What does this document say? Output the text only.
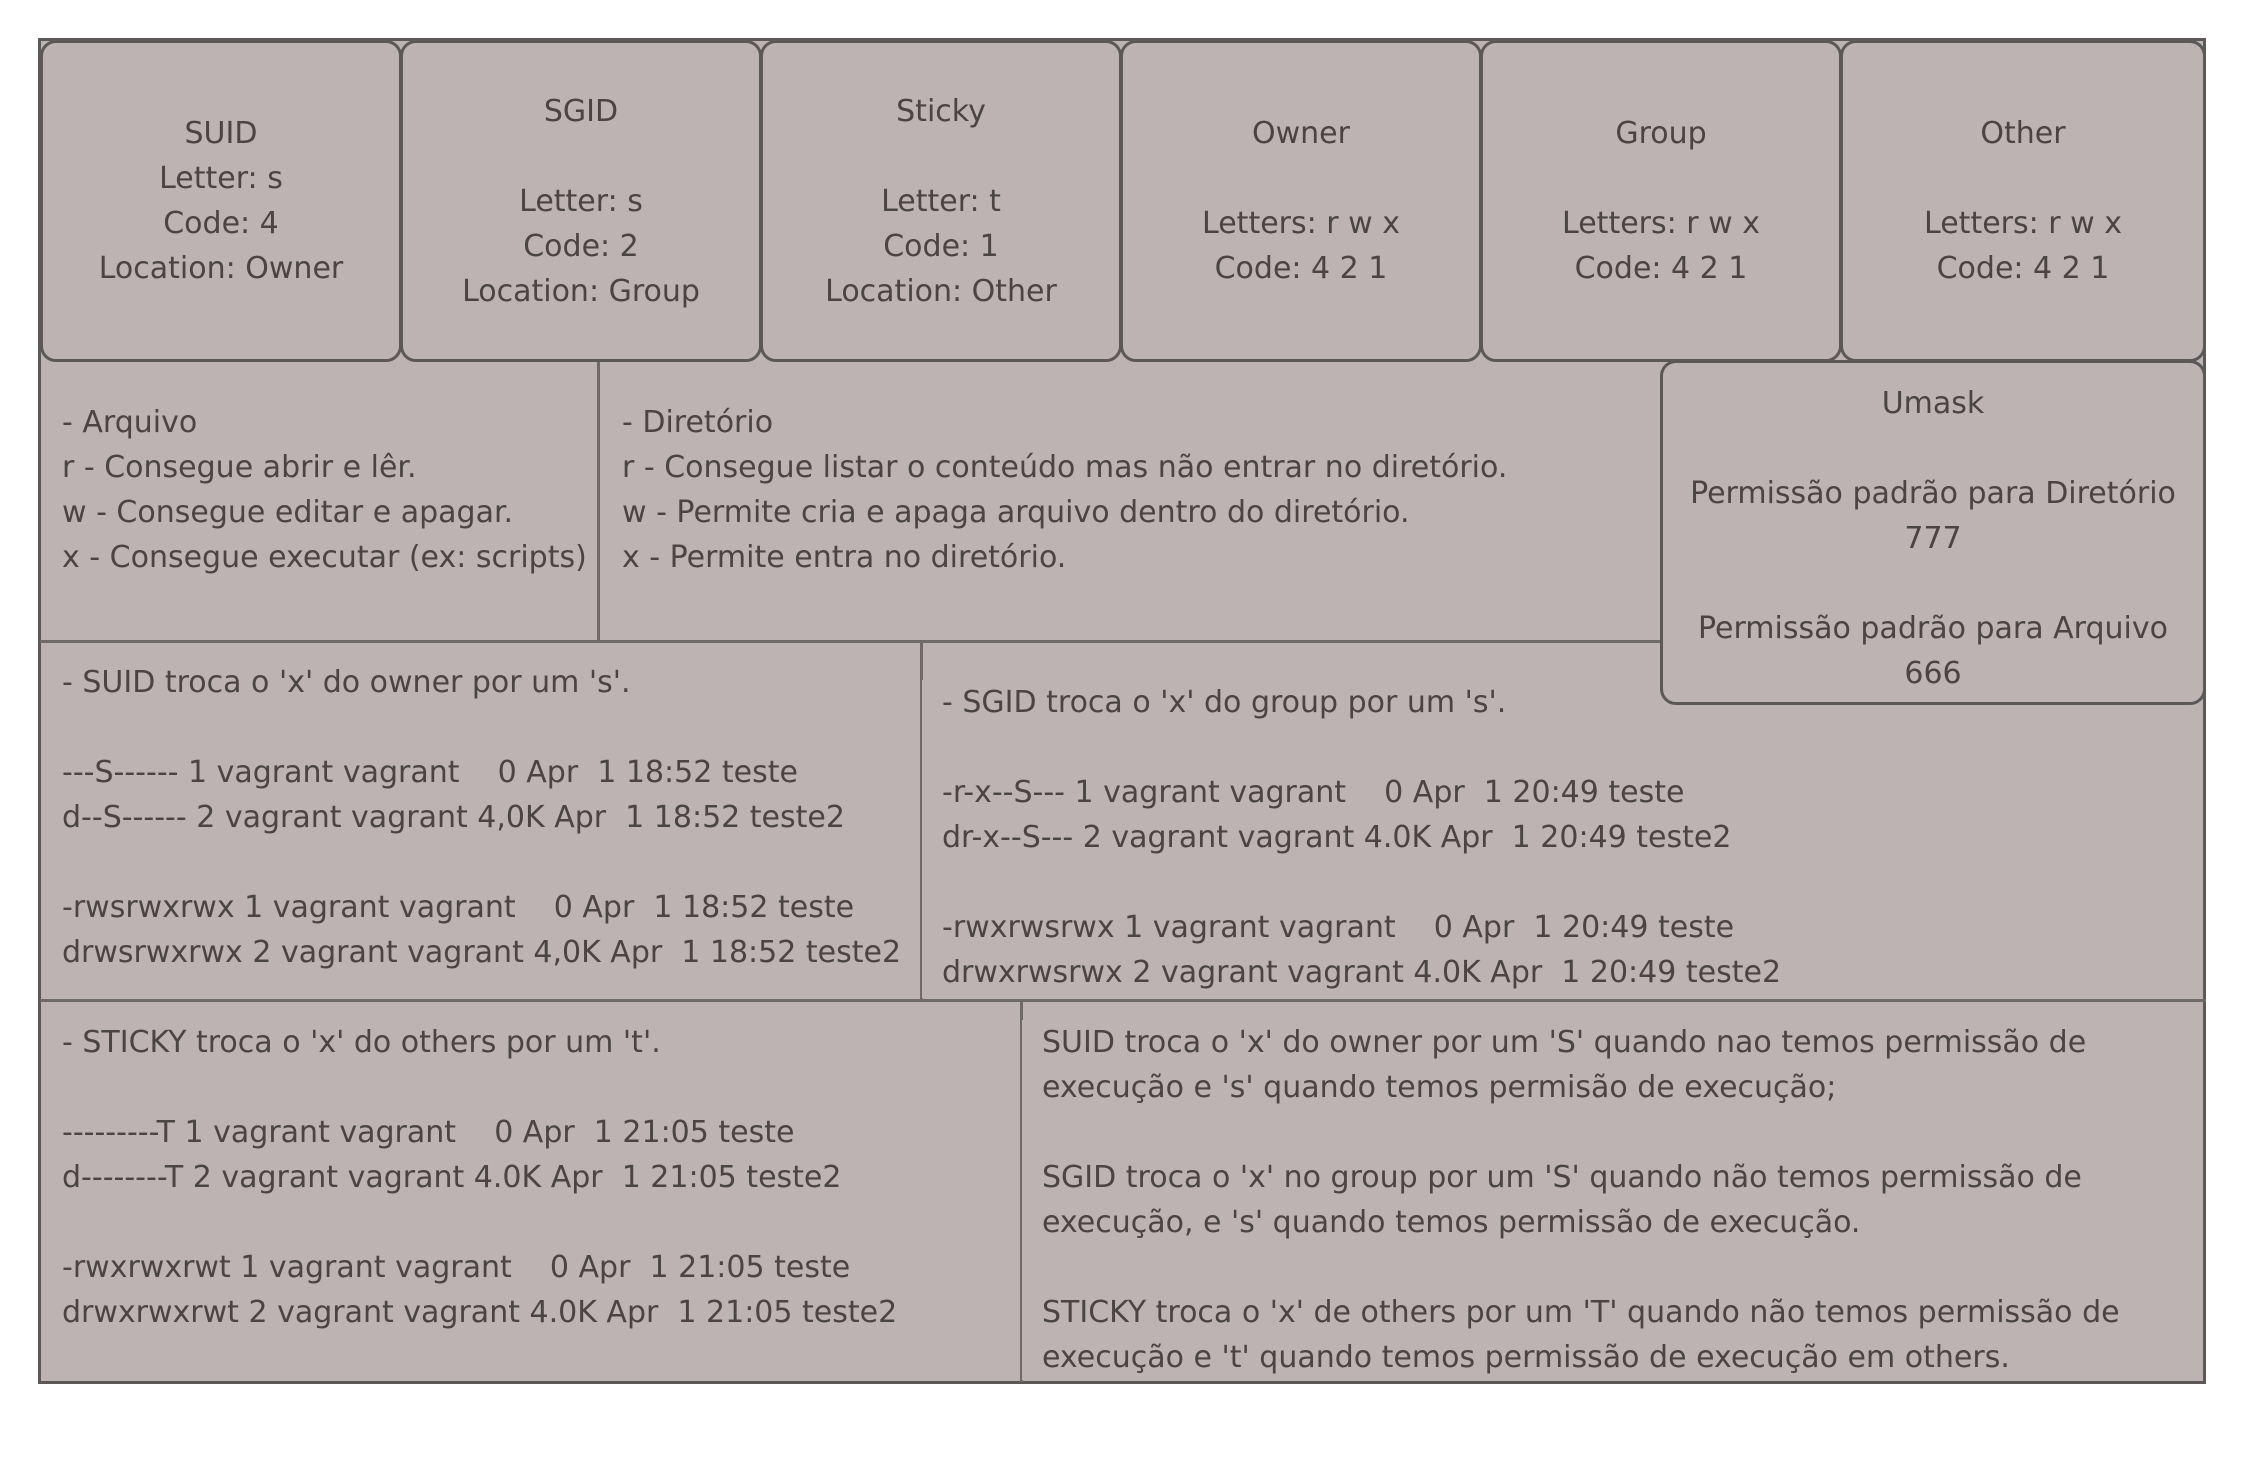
SUID
Letter: s
Code: 4
Location: Owner
SGID

Letter: s
Code: 2
Location: Group
Sticky

Letter: t
Code: 1
Location: Other
Owner

Letters: r w x
Code: 4 2 1
Group

Letters: r w x
Code: 4 2 1
Other

Letters: r w x
Code: 4 2 1
- Arquivo
r - Consegue abrir e lêr.
w - Consegue editar e apagar.
x - Consegue executar (ex: scripts)
- Diretório
r - Consegue listar o conteúdo mas não entrar no diretório.
w - Permite cria e apaga arquivo dentro do diretório.
x - Permite entra no diretório.
- SUID troca o 'x' do owner por um 's'.

---S------ 1 vagrant vagrant    0 Apr  1 18:52 teste
d--S------ 2 vagrant vagrant 4,0K Apr  1 18:52 teste2

-rwsrwxrwx 1 vagrant vagrant    0 Apr  1 18:52 teste
drwsrwxrwx 2 vagrant vagrant 4,0K Apr  1 18:52 teste2
- SGID troca o 'x' do group por um 's'.

-r-x--S--- 1 vagrant vagrant    0 Apr  1 20:49 teste
dr-x--S--- 2 vagrant vagrant 4.0K Apr  1 20:49 teste2

-rwxrwsrwx 1 vagrant vagrant    0 Apr  1 20:49 teste
drwxrwsrwx 2 vagrant vagrant 4.0K Apr  1 20:49 teste2
- STICKY troca o 'x' do others por um 't'.

---------T 1 vagrant vagrant    0 Apr  1 21:05 teste
d--------T 2 vagrant vagrant 4.0K Apr  1 21:05 teste2

-rwxrwxrwt 1 vagrant vagrant    0 Apr  1 21:05 teste
drwxrwxrwt 2 vagrant vagrant 4.0K Apr  1 21:05 teste2
SUID troca o 'x' do owner por um 'S' quando nao temos permissão de
execução e 's' quando temos permisão de execução;

SGID troca o 'x' no group por um 'S' quando não temos permissão de
execução, e 's' quando temos permissão de execução.

STICKY troca o 'x' de others por um 'T' quando não temos permissão de
execução e 't' quando temos permissão de execução em others.
Umask

Permissão padrão para Diretório
777

Permissão padrão para Arquivo
666
